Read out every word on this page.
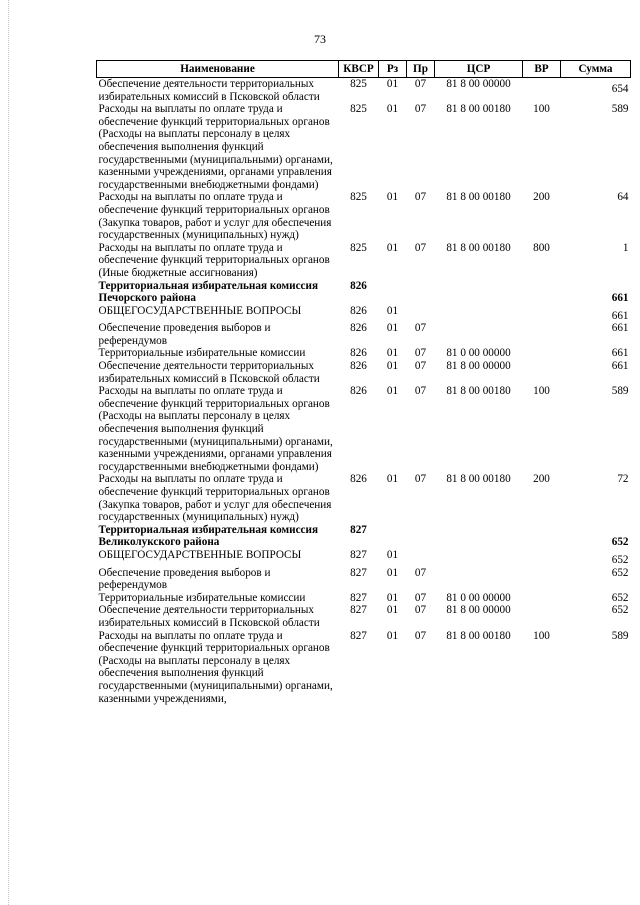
73
Наименование	КВСР	Рз	Пр	ЦСР	ВР	Сумма
Обеспечение деятельности территориальных избирательных комиссий в Псковской области	825	01	07	81 8 00 00000		654
Расходы на выплаты по оплате труда и обеспечение функций территориальных органов (Расходы на выплаты персоналу в целях обеспечения выполнения функций государственными (муниципальными) органами, казенными учреждениями, органами управления государственными внебюджетными фондами)	825	01	07	81 8 00 00180	100	589
Расходы на выплаты по оплате труда и обеспечение функций территориальных органов (Закупка товаров, работ и услуг для обеспечения государственных (муниципальных) нужд)	825	01	07	81 8 00 00180	200	64
Расходы на выплаты по оплате труда и обеспечение функций территориальных органов (Иные бюджетные ассигнования)	825	01	07	81 8 00 00180	800	1
Территориальная избирательная комиссия Печорского района	826					661
ОБЩЕГОСУДАРСТВЕННЫЕ ВОПРОСЫ	826	01				661
Обеспечение проведения выборов и референдумов	826	01	07			661
Территориальные избирательные комиссии	826	01	07	81 0 00 00000		661
Обеспечение деятельности территориальных избирательных комиссий в Псковской области	826	01	07	81 8 00 00000		661
Расходы на выплаты по оплате труда и обеспечение функций территориальных органов (Расходы на выплаты персоналу в целях обеспечения выполнения функций государственными (муниципальными) органами, казенными учреждениями, органами управления государственными внебюджетными фондами)	826	01	07	81 8 00 00180	100	589
Расходы на выплаты по оплате труда и обеспечение функций территориальных органов (Закупка товаров, работ и услуг для обеспечения государственных (муниципальных) нужд)	826	01	07	81 8 00 00180	200	72
Территориальная избирательная комиссия Великолукского района	827					652
ОБЩЕГОСУДАРСТВЕННЫЕ ВОПРОСЫ	827	01				652
Обеспечение проведения выборов и референдумов	827	01	07			652
Территориальные избирательные комиссии	827	01	07	81 0 00 00000		652
Обеспечение деятельности территориальных избирательных комиссий в Псковской области	827	01	07	81 8 00 00000		652
Расходы на выплаты по оплате труда и обеспечение функций территориальных органов (Расходы на выплаты персоналу в целях обеспечения выполнения функций государственными (муниципальными) органами, казенными учреждениями,	827	01	07	81 8 00 00180	100	589
